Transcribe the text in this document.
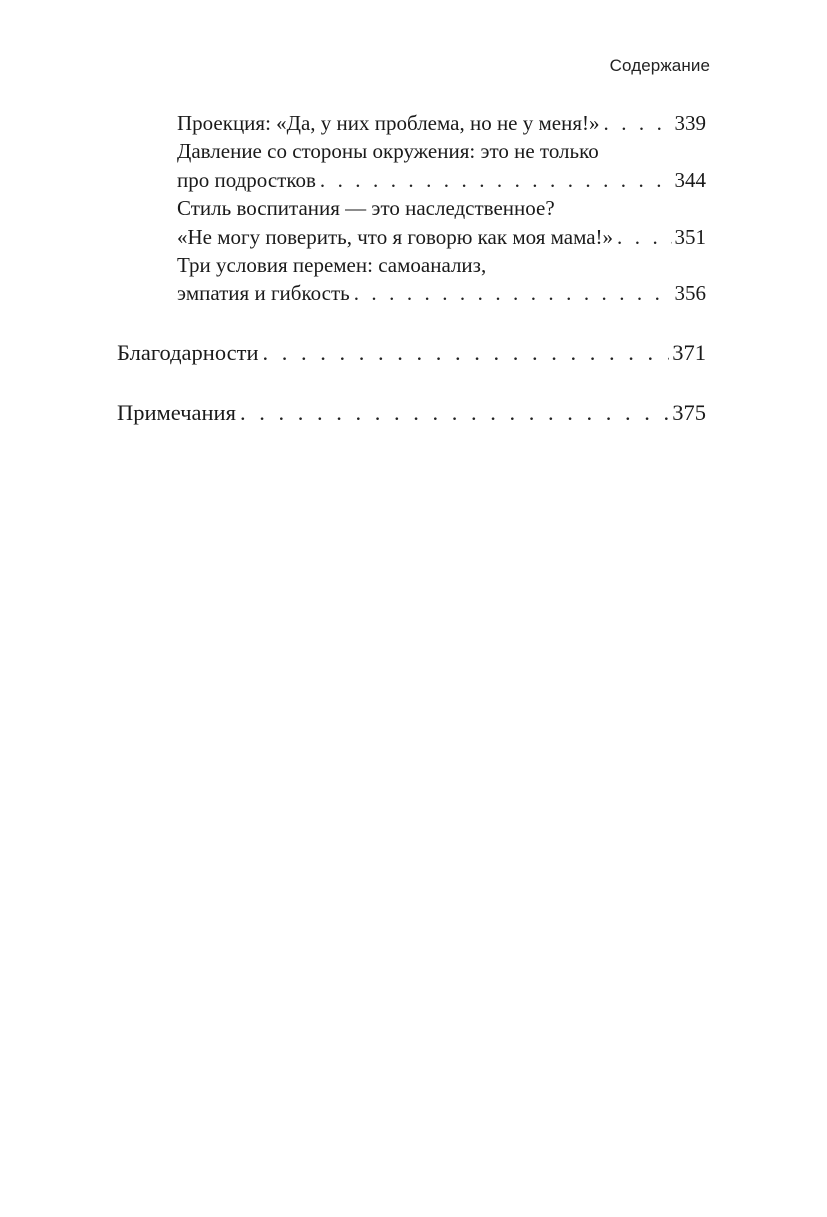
Содержание
Проекция: «Да, у них проблема, но не у меня!» . . .	339
Давление со стороны окружения: это не только
про подростков . . .	344
Стиль воспитания — это наследственное?
«Не могу поверить, что я говорю как моя мама!» . . .	351
Три условия перемен: самоанализ,
эмпатия и гибкость . . .	356
Благодарности . . .	371
Примечания . . .	375
